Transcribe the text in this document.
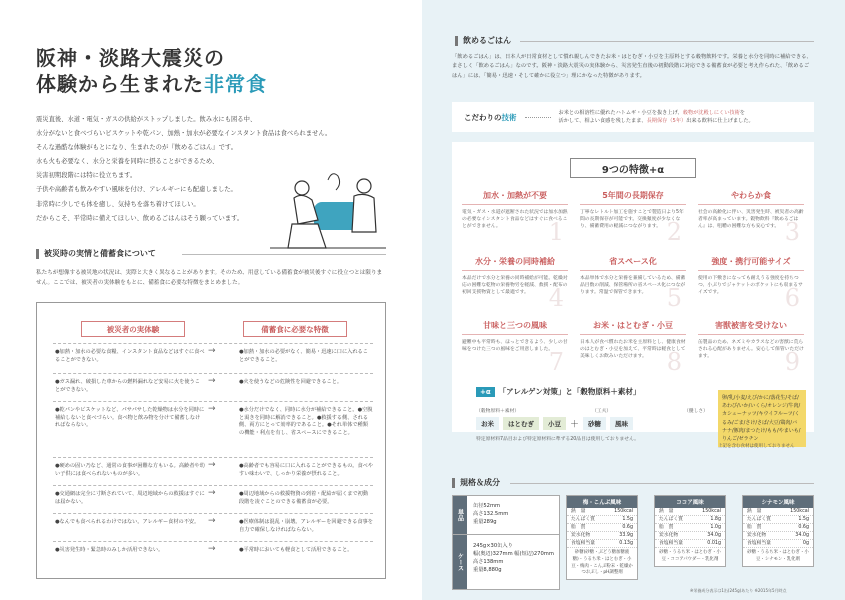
阪神・淡路大震災の
体験から生まれた非常食
震災直後、水道・電気・ガスの供給がストップしました。飲み水にも困る中、
水分がないと食べづらいビスケットや乾パン、加熱・加水が必要なインスタント食品は食べられません。
そんな過酷な体験がもとになり、生まれたのが『飲めるごはん』です。
水も火も必要なく、水分と栄養を同時に摂ることができるため、
災害初期段階には特に役立ちます。
子供や高齢者も飲みやすい風味を付け、アレルギーにも配慮しました。
非常時に少しでも体を癒し、気持ちを落ち着けてほしい。
だからこそ、平常時に備えてほしい、飲めるごはんはそう願っています。
被災時の実情と備蓄食について
私たちが想像する被災地の状況は、実際と大きく異なることがあります。そのため、用意している備蓄食が被災後すぐに役立つとは限りません。ここでは、被災者の実体験をもとに、備蓄食に必要な特徴をまとめました。
被災者の実体験	備蓄食に必要な特徴
●加熱・加水の必要な食糧、インスタント食品などはすぐに食べることができない。
→	●加熱・加水の必要がなく、簡易・迅速に口に入れることができること。
●ガス漏れ、破損した車からの燃料漏れなど安易に火を使うことができない。
→	●火を使うなどの危険性を回避できること。
●乾パンやビスケットなど、パサパサした乾燥物は水分を同時に補給しないと食べづらい。食べ物と飲み物を分けて備蓄しなければならない。
→	●水分だけでなく、同時に水分が補給できること。●空腹と渇きを同時に解消できること。●救援する側、される側、両方にとって効率的であること。●それ単体で種類の機能・利点を有し、省スペースにできること。
●硬めの固い乃など、通常の食事が困難な方もいる。高齢者や幼い子供には食べられないものが多い。
→	●高齢者でも容易に口に入れることができるもの。食べやすい味わいで、しっかり栄養が摂れること。
●交通網は完全に寸断されていて、周辺地域からの救援はすぐには届かない。
→	●周辺地域からの救援物資の到着・配給が届くまで初動段階を凌ぐことのできる備蓄食が必要。
●なんでも食べられるわけではない。アレルギー食材の不安。 →	●医療体制は混乱・崩壊。アレルギーを回避できる食事を自力で確保しなければならない。
●災害発生時・緊急時のみしか活用できない。	→	●平常時においても軽食として活用できること。
飲めるごはん
「飲めるごはん」は、日本人が日常食材として慣れ親しんできたお米・はとむぎ・小豆を主原料とする穀物飲料です。栄養と水分を同時に補給できる、まさしく「飲めるごはん」なのです。阪神・淡路大震災の実体験から、災害発生直後の初動段階に対応できる備蓄食が必要と考え作られた、「飲めるごはん」には、「簡易・迅速・そして確かに役立つ」理にかなった特徴があります。
こだわりの技術	お米との相溶性に優れたハトムギ・小豆を抜き上げ、穀物が沈殿しにくい技術を
活かして、相よい食感を残したまま、長期保存（5年）出来る飲料に仕上げました。
9つの特徴+α
1
加水・加熱が不要
電気・ガス・水道が遮断された状況では加水加熱の必要なインスタント食品などはすぐに食べることができません。	2
5年間の長期保存
丁寧なレトルト加工を施すことで製造日より5年間の長期保存が可能です。交換頻度が少なくなり、備蓄費用の軽減につながります。	3
やわらか食
社会の高齢化に伴い、災害発生時、被災者の高齢者率が高まっています。穀物飲料『飲めるごはん』は、咀嚼の困難な方も安心です。
4
水分・栄養の同時補給
本品だけで水分と栄養の同時補給が可能。乾燥対応の困難な乾物の栄養物労を軽減、救援・配布の初回支援物資として最適です。	5
省スペース化
本品単体で水分と栄養を兼備しているため、備蓄品目数の削減、保管場所の省スペース化につながります。常温で保管できます。	6
強度・携行可能サイズ
使用の下敷きになっても耐えうる強度を持ちつつ、小ぶりでジャケットのポケットにも収まるサイズです。
7
甘味と三つの風味
避難中も平常時も、ほっとできるよう、少しの甘味をつけた三つの風味をご用意しました。	8
お米・はとむぎ・小豆
日本人が食べ慣れたお米を主原料とし、健康食材のはとむぎ・小豆を加えて、平常時は軽食として美味しくお飲みいただけます。	9
害獣被害を受けない
缶製品のため、ネズミやカラスなどの害獣に荒らされる心配がありません。安心して保管いただけます。
+α	「アレルゲン対策」と「穀物原料＋素材」
（穀物原料＋素材）	（工夫）	（優しさ）
お米	はとむぎ	小豆	＋	砂糖	風味
特定原材料7品目および特定原材料に準ずる20品目は使用しておりません。
卵/乳/小麦/えび/かに/落花生/そば/あわび/いか/いくら/オレンジ/牛肉/カシューナッツ/キウイフルーツ/くるみ/ごま/さけ/さば/大豆/鶏肉/バナナ/豚肉/まつたけ/もも/やまいも/りんご/ゼラチン
上記を含む食材は使用しておりません
規格＆成分
単品
缶径52mm
高さ132.5mm
重量289g
ケース
245g×30缶入り
幅(奥辺)327mm 幅(短辺)270mm
高さ138mm
重量8,880g
梅・こんぶ風味
熱　量	150kcal
たんぱく質	1.5g
脂　質	0.6g
炭水化物	33.9g
食塩相当量	0.13g
砂糖(砂糖・ぶどう糖加糖液糖)・うるち米・はとむぎ・小豆・梅肉・こんぶ粉末・乾燥かつおぶし・pH調整剤
ココア風味
熱　量	150kcal
たんぱく質	1.8g
脂　質	1.0g
炭水化物	34.0g
食塩相当量	0.01g
砂糖・うるち米・はとむぎ・小豆・ココアパウダー・乳化剤
シナモン風味
熱　量	150kcal
たんぱく質	1.5g
脂　質	0.6g
炭水化物	34.0g
食塩相当量	0g
砂糖・うるち米・はとむぎ・小豆・シナモン・乳化剤
※栄養成分表示は1缶(245g)あたり ※2015年5月時点
